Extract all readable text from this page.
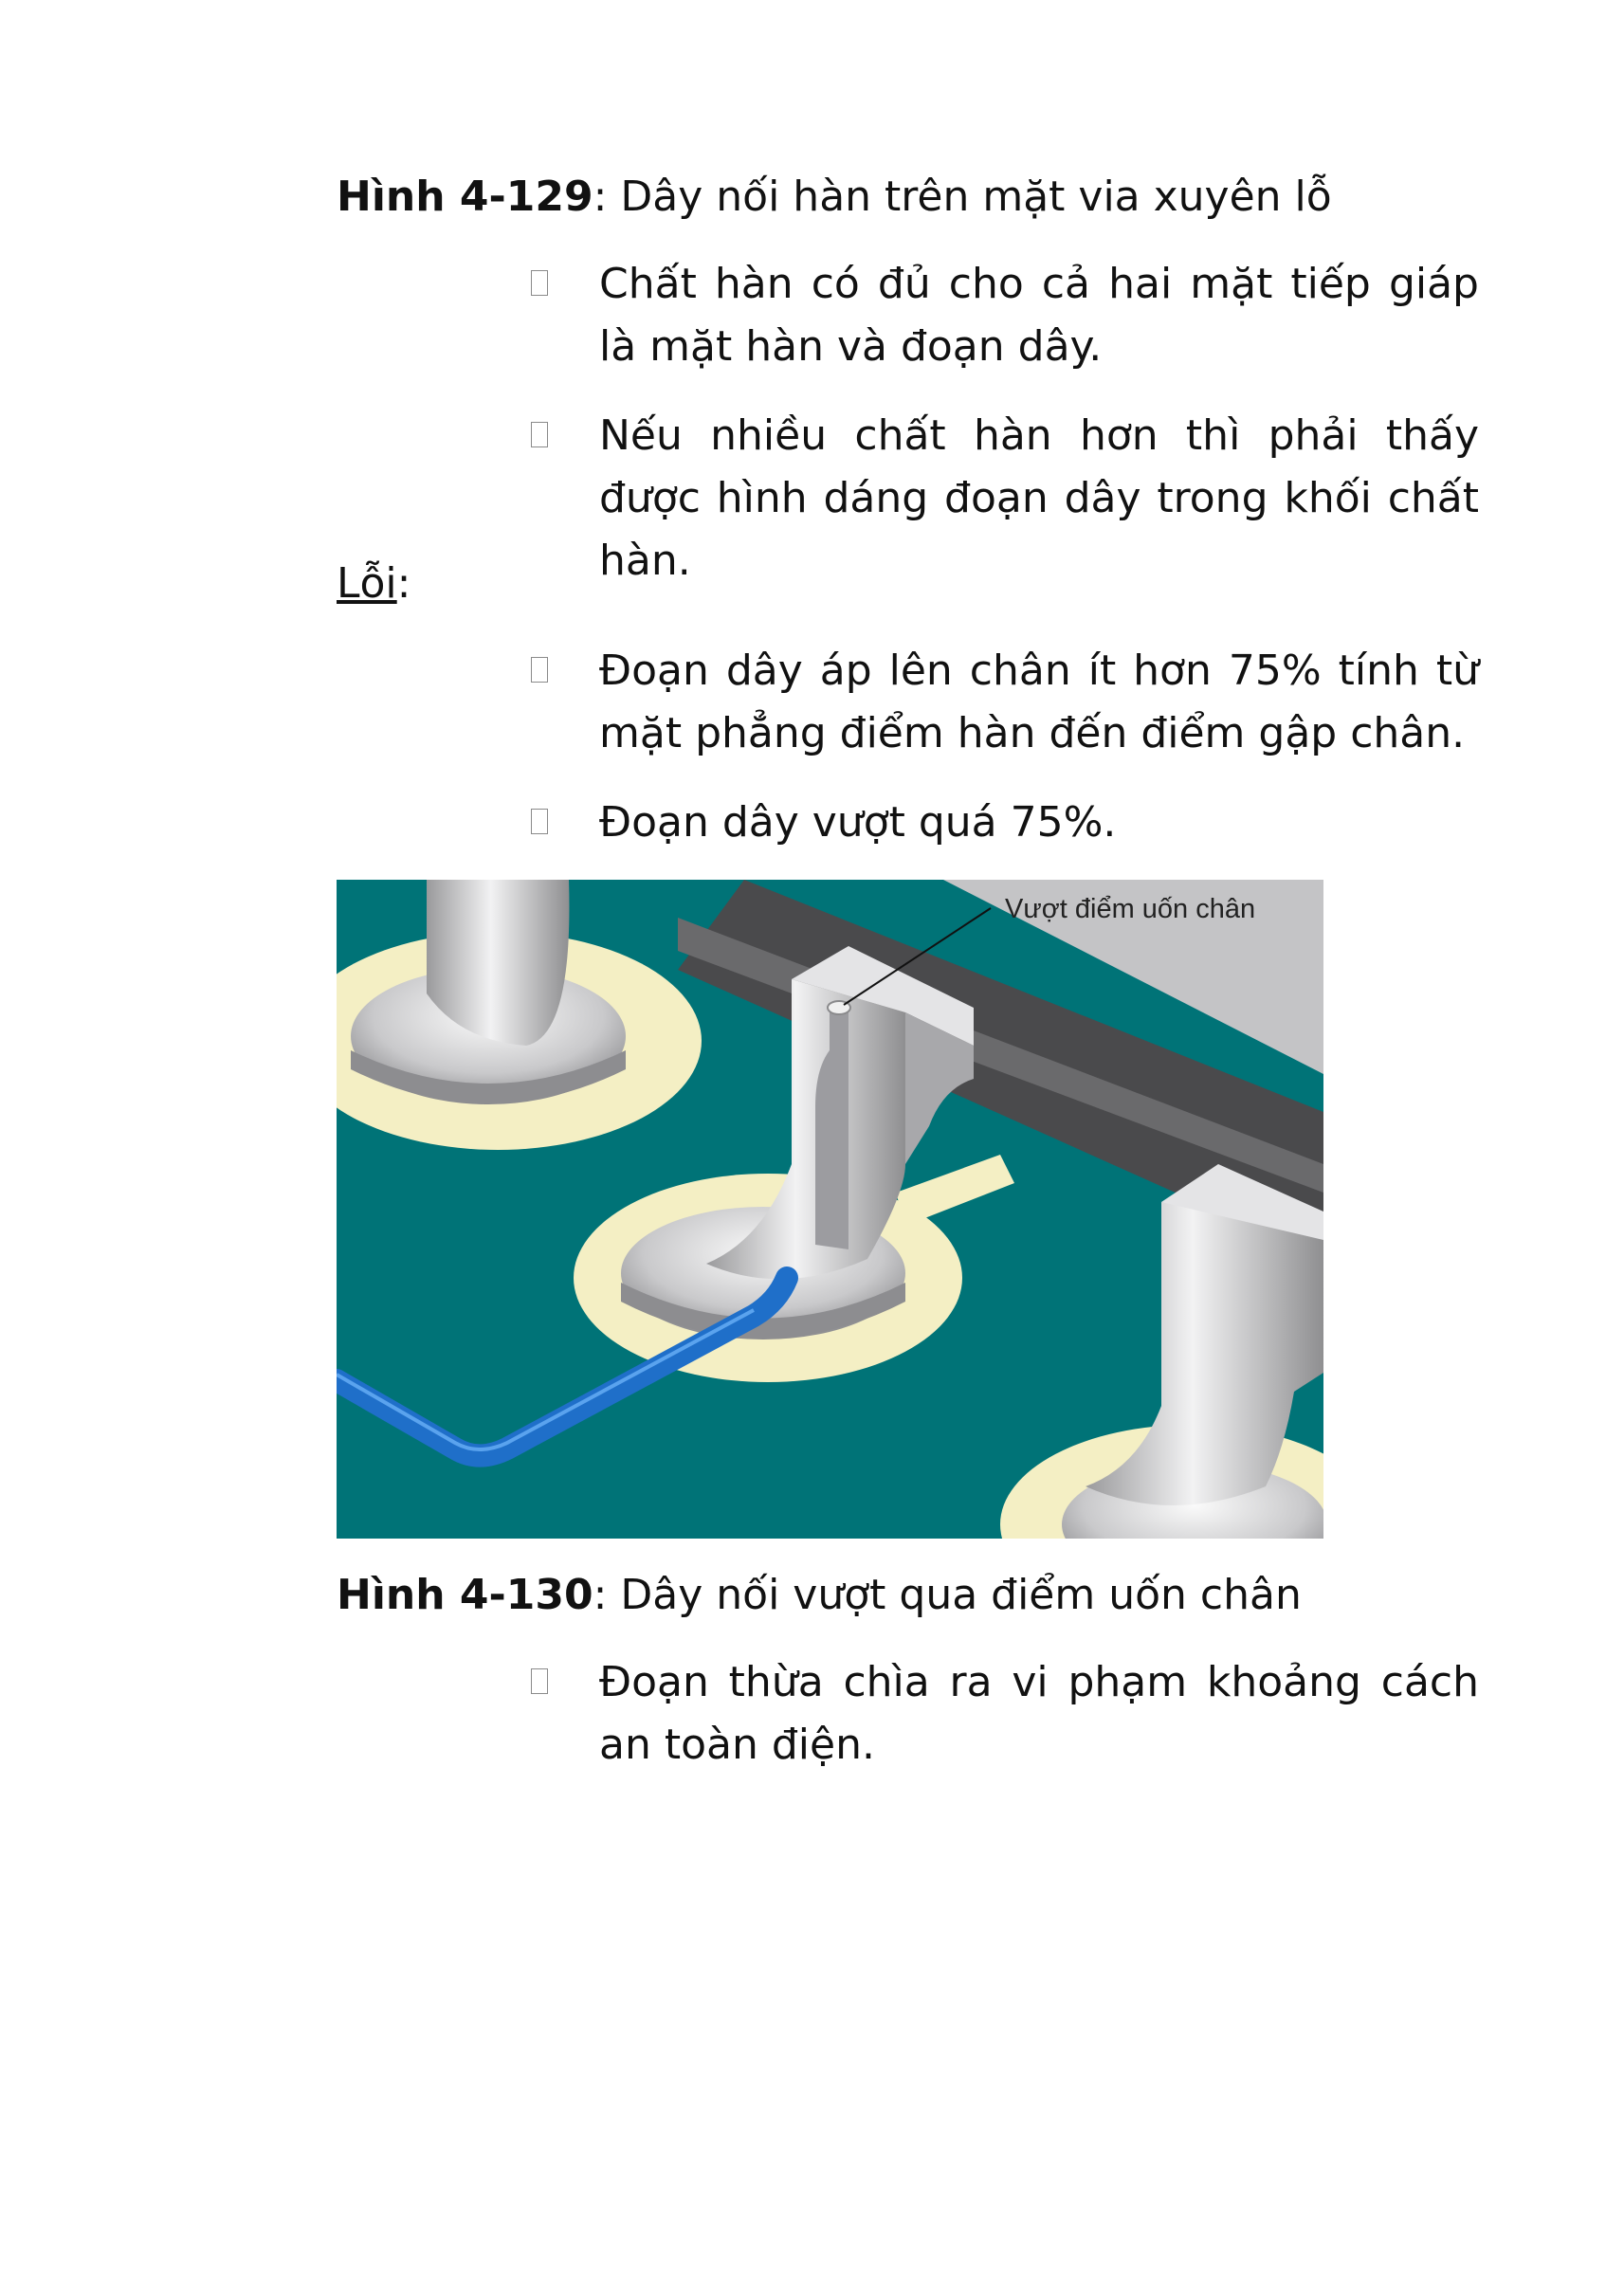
Hình 4-129: Dây nối hàn trên mặt via xuyên lỗ

Chất hàn có đủ cho cả hai mặt tiếp giáp là mặt hàn và đoạn dây.
Nếu nhiều chất hàn hơn thì phải thấy được hình dáng đoạn dây trong khối chất hàn.

Lỗi:

Đoạn dây áp lên chân ít hơn 75% tính từ mặt phẳng điểm hàn đến điểm gập chân.
Đoạn dây vượt quá 75%.
Vượt điểm uốn chân

Hình 4-130: Dây nối vượt qua điểm uốn chân

Đoạn thừa chìa ra vi phạm khoảng cách an toàn điện.
